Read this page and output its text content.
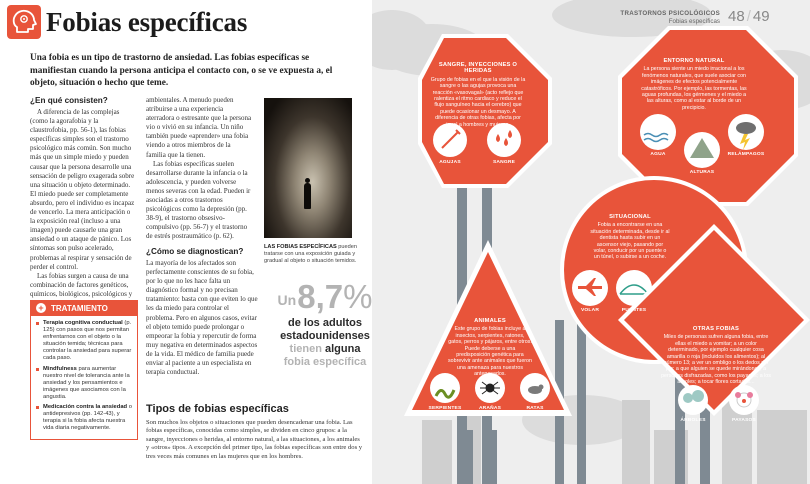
Fobias específicas
Una fobia es un tipo de trastorno de ansiedad. Las fobias específicas se manifiestan cuando la persona anticipa el contacto con, o se ve expuesta a, el objeto, situación o hecho que teme.
¿En qué consisten?
A diferencia de las complejas (como la agorafobia y la claustrofobia, pp. 56-1), las fobias específicas simples son el trastorno psicológico más común. Son mucho más que un simple miedo y pueden causar que la persona desarrolle una sensación de peligro exagerada sobre una situación u objeto determinado. El miedo puede ser completamente absurdo, pero el individuo es incapaz de vencerlo. La mera anticipación o la exposición real (incluso a una imagen) puede causarle una gran ansiedad o un ataque de pánico. Los síntomas son pulso acelerado, problemas al respirar y sensación de perder el control.
Las fobias surgen a causa de una combinación de factores genéticos, químicos, biológicos, psicológicos y
ambientales. A menudo pueden atribuirse a una experiencia aterradora o estresante que la persona vio o vivió en su infancia. Un niño también puede «aprender» una fobia viendo a otros miembros de la familia que la tienen.
Las fobias específicas suelen desarrollarse durante la infancia o la adolescencia, y pueden volverse menos severas con la edad. Pueden ir asociadas a otros trastornos psicológicos como la depresión (pp. 38-9), el trastorno obsesivo-compulsivo (pp. 56-7) y el trastorno de estrés postraumático (p. 62).
¿Cómo se diagnostican?
La mayoría de los afectados son perfectamente conscientes de su fobia, por lo que no les hace falta un diagnóstico formal y no precisan tratamiento: basta con que eviten lo que les da miedo para controlar el problema. Pero en algunos casos, evitar el objeto temido puede prolongar o empeorar la fobia y repercutir de forma muy negativa en determinados aspectos de la vida. El médico de familia puede enviar al paciente a un especialista en terapia conductual.
LAS FOBIAS ESPECÍFICAS pueden tratarse con una exposición guiada y gradual al objeto o situación temidos.
Un8,7%
de los adultos
estadounidenses
tienen alguna
fobia específica
+ TRATAMIENTO
Terapia cognitiva conductual (p. 125) con pasos que nos permitan enfrentarnos con el objeto o la situación temida; técnicas para controlar la ansiedad para superar cada paso.
Mindfulness para aumentar nuestro nivel de tolerancia ante la ansiedad y los pensamientos e imágenes que asociamos con la angustia.
Medicación contra la ansiedad o antidepresivos (pp. 142-43), y terapia si la fobia afecta nuestra vida diaria negativamente.
Tipos de fobias específicas
Son muchos los objetos o situaciones que pueden desencadenar una fobia. Las fobias específicas, conocidas como simples, se dividen en cinco grupos: a la sangre, inyecciones o heridas, al entorno natural, a las situaciones, a los animales y «otros» tipos. A excepción del primer tipo, las fobias específicas son entre dos y tres veces más comunes en las mujeres que en los hombres.
TRASTORNOS PSICOLÓGICOS
Fobias específicas 48 / 49
SANGRE, INYECCIONES O HERIDAS
Grupo de fobias en el que la visión de la sangre o las agujas provoca una reacción «vasovagal» (acto reflejo que ralentiza el ritmo cardiaco y reduce el flujo sanguíneo hacia el cerebro) que puede ocasionar un desmayo. A diferencia de otras fobias, afecta por igual a hombres y mujeres.
AGUJAS	SANGRE
ENTORNO NATURAL
La persona siente un miedo irracional a los fenómenos naturales, que suele asociar con imágenes de efectos potencialmente catastróficos. Por ejemplo, las tormentas, las aguas profundas, los gérmenes y el miedo a las alturas, como al estar al borde de un precipicio.
AGUA
ALTURAS
RELÁMPAGOS
SITUACIONAL
Fobia a encontrarse en una situación determinada, desde ir al dentista hasta subir en un ascensor viejo, pasando por volar, conducir por un puente o un túnel, o subirse a un coche.
VOLAR	PUENTES
ANIMALES
Este grupo de fobias incluye a insectos, serpientes, ratones, gatos, perros y pájaros, entre otros. Puede deberse a una predisposición genética para sobrevivir ante animales que fueron una amenaza para nuestros antepasados.
SERPIENTES	ARAÑAS	RATAS
OTRAS FOBIAS
Miles de personas sufren alguna fobia, entre ellas el miedo a vomitar; a un color determinado, por ejemplo cualquier cosa amarilla o roja (incluidos los alimentos); al número 13; a ver un ombligo o los dedos del pie; a que alguien se quede mirándonos; a personas disfrazadas, como los payasos; a los árboles; a tocar flores cortadas...
ÁRBOLES	PAYASOS
